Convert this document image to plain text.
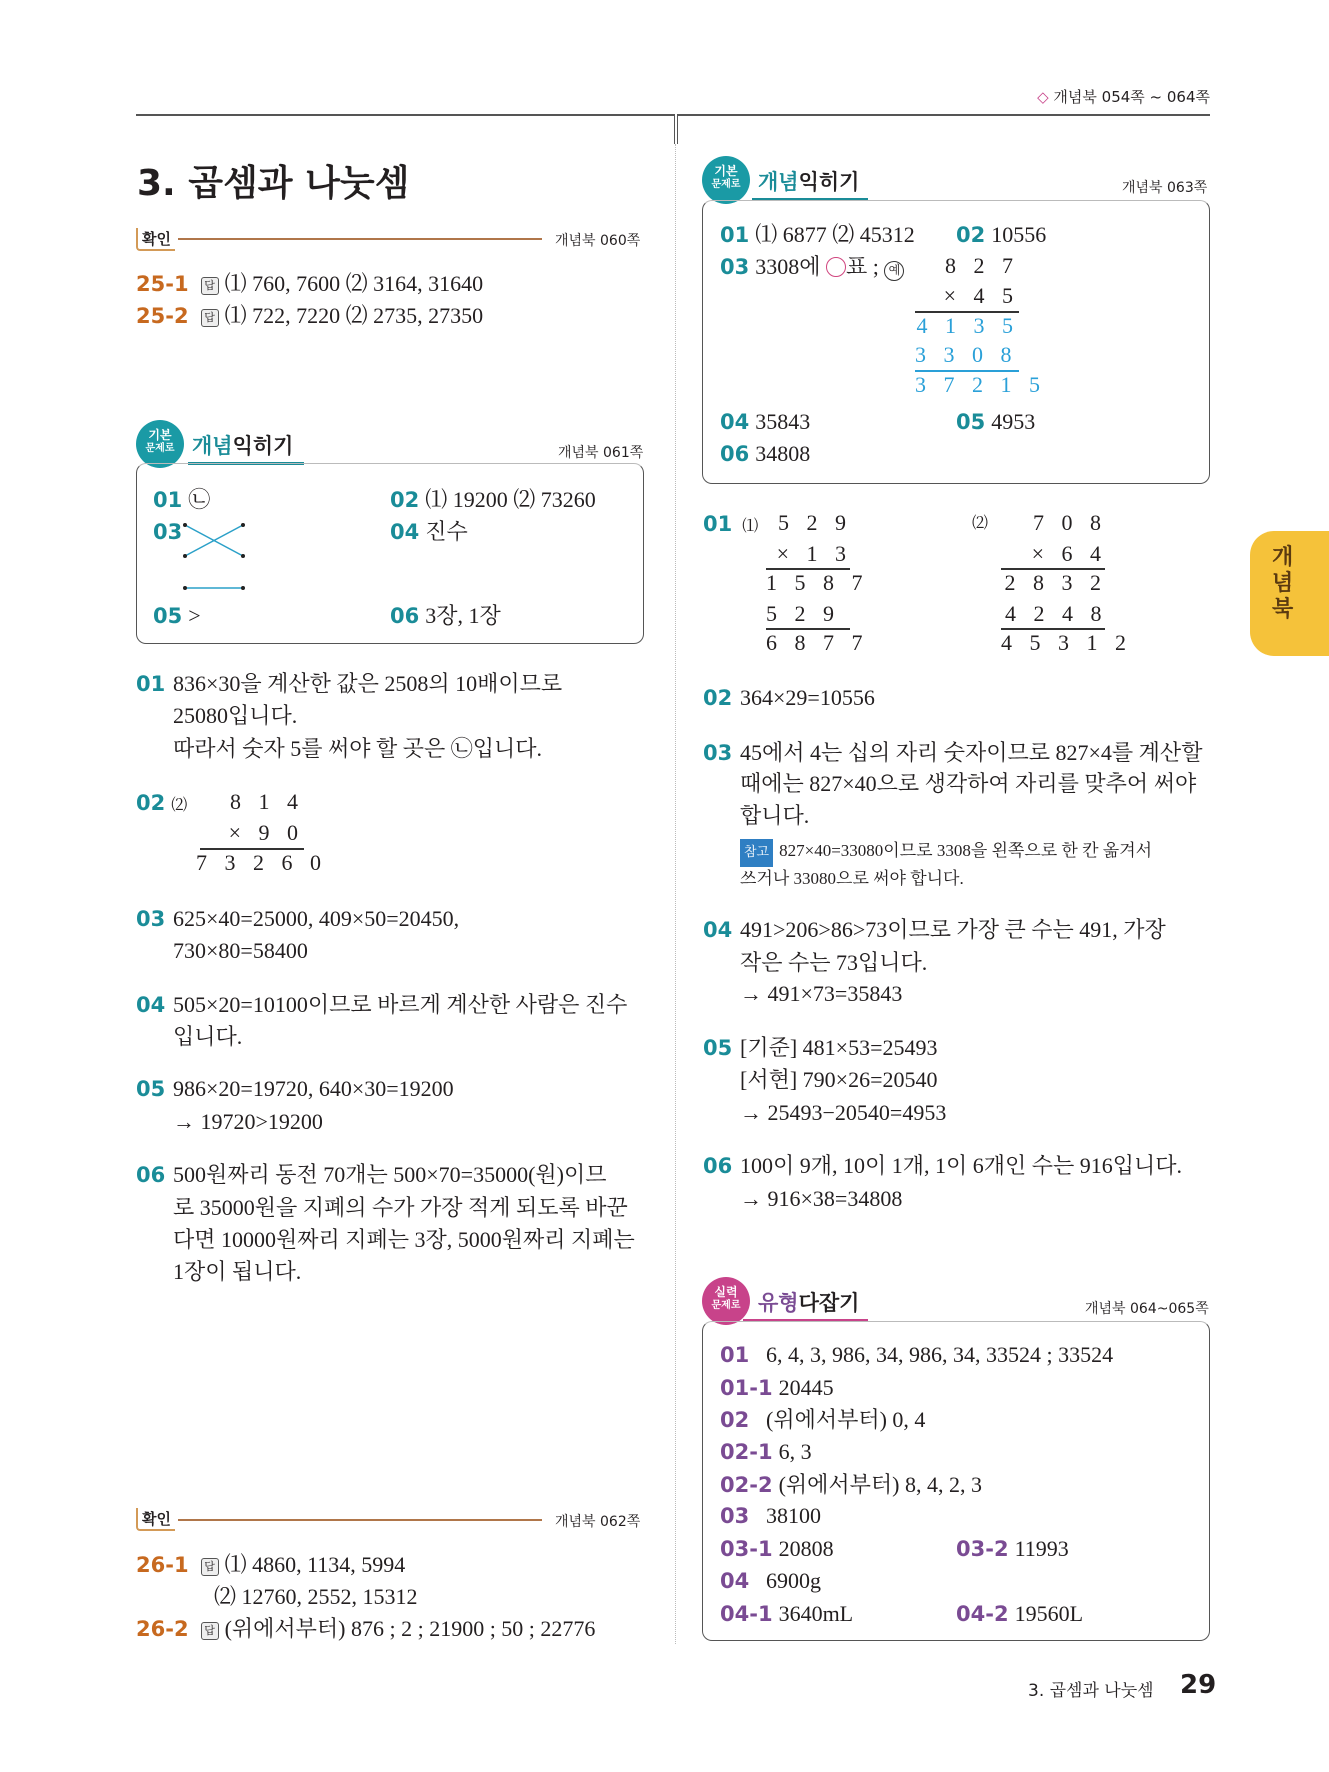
◇ 개념북 054쪽 ~ 064쪽
3. 곱셈과 나눗셈
확인	개념북 060쪽
25-1 답 ⑴ 760, 7600 ⑵ 3164, 31640
25-2 답 ⑴ 722, 7220 ⑵ 2735, 27350
기본
문제로 개념익히기	개념북 061쪽
01 ㉡	02 ⑴ 19200 ⑵ 73260
03	04 진수
05 >	06 3장, 1장
01 836×30을 계산한 값은 2508의 10배이므로
25080입니다.
따라서 숫자 5를 써야 할 곳은 ㉡입니다.
02 ⑵	8 1 4
× 9 0
7 3 2 6 0
03 625×40=25000, 409×50=20450,
730×80=58400
04 505×20=10100이므로 바르게 계산한 사람은 진수
입니다.
05 986×20=19720, 640×30=19200
→ 19720>19200
06 500원짜리 동전 70개는 500×70=35000(원)이므
로 35000원을 지폐의 수가 가장 적게 되도록 바꾼
다면 10000원짜리 지폐는 3장, 5000원짜리 지폐는
1장이 됩니다.
확인	개념북 062쪽
26-1 답 ⑴ 4860, 1134, 5994
⑵ 12760, 2552, 15312
26-2 답 (위에서부터) 876 ; 2 ; 21900 ; 50 ; 22776
기본
문제로 개념익히기	개념북 063쪽
01 ⑴ 6877 ⑵ 45312 02 10556
03 3308에 ○표 ; 예	8 2 7
× 4 5
4 1 3 5
3 3 0 8
3 7 2 1 5
04 35843	05 4953
06 34808
01 ⑴ 5 2 9
× 1 3
1 5 8 7
5 2 9
6 8 7 7
⑵	7 0 8
× 6 4
2 8 3 2
4 2 4 8
4 5 3 1 2
02 364×29=10556
03 45에서 4는 십의 자리 숫자이므로 827×4를 계산할
때에는 827×40으로 생각하여 자리를 맞추어 써야
합니다.
참고 827×40=33080이므로 3308을 왼쪽으로 한 칸 옮겨서
쓰거나 33080으로 써야 합니다.
04 491>206>86>73이므로 가장 큰 수는 491, 가장
작은 수는 73입니다.
→ 491×73=35843
05 [기준] 481×53=25493
[서현] 790×26=20540
→ 25493−20540=4953
06 100이 9개, 10이 1개, 1이 6개인 수는 916입니다.
→ 916×38=34808
실력
문제로 유형다잡기	개념북 064~065쪽
01 6, 4, 3, 986, 34, 986, 34, 33524 ; 33524
01-1 20445
02 (위에서부터) 0, 4
02-1 6, 3
02-2 (위에서부터) 8, 4, 2, 3
03 38100
03-1 20808	03-2 11993
04 6900g
04-1 3640mL	04-2 19560L
개념북
3. 곱셈과 나눗셈 29
